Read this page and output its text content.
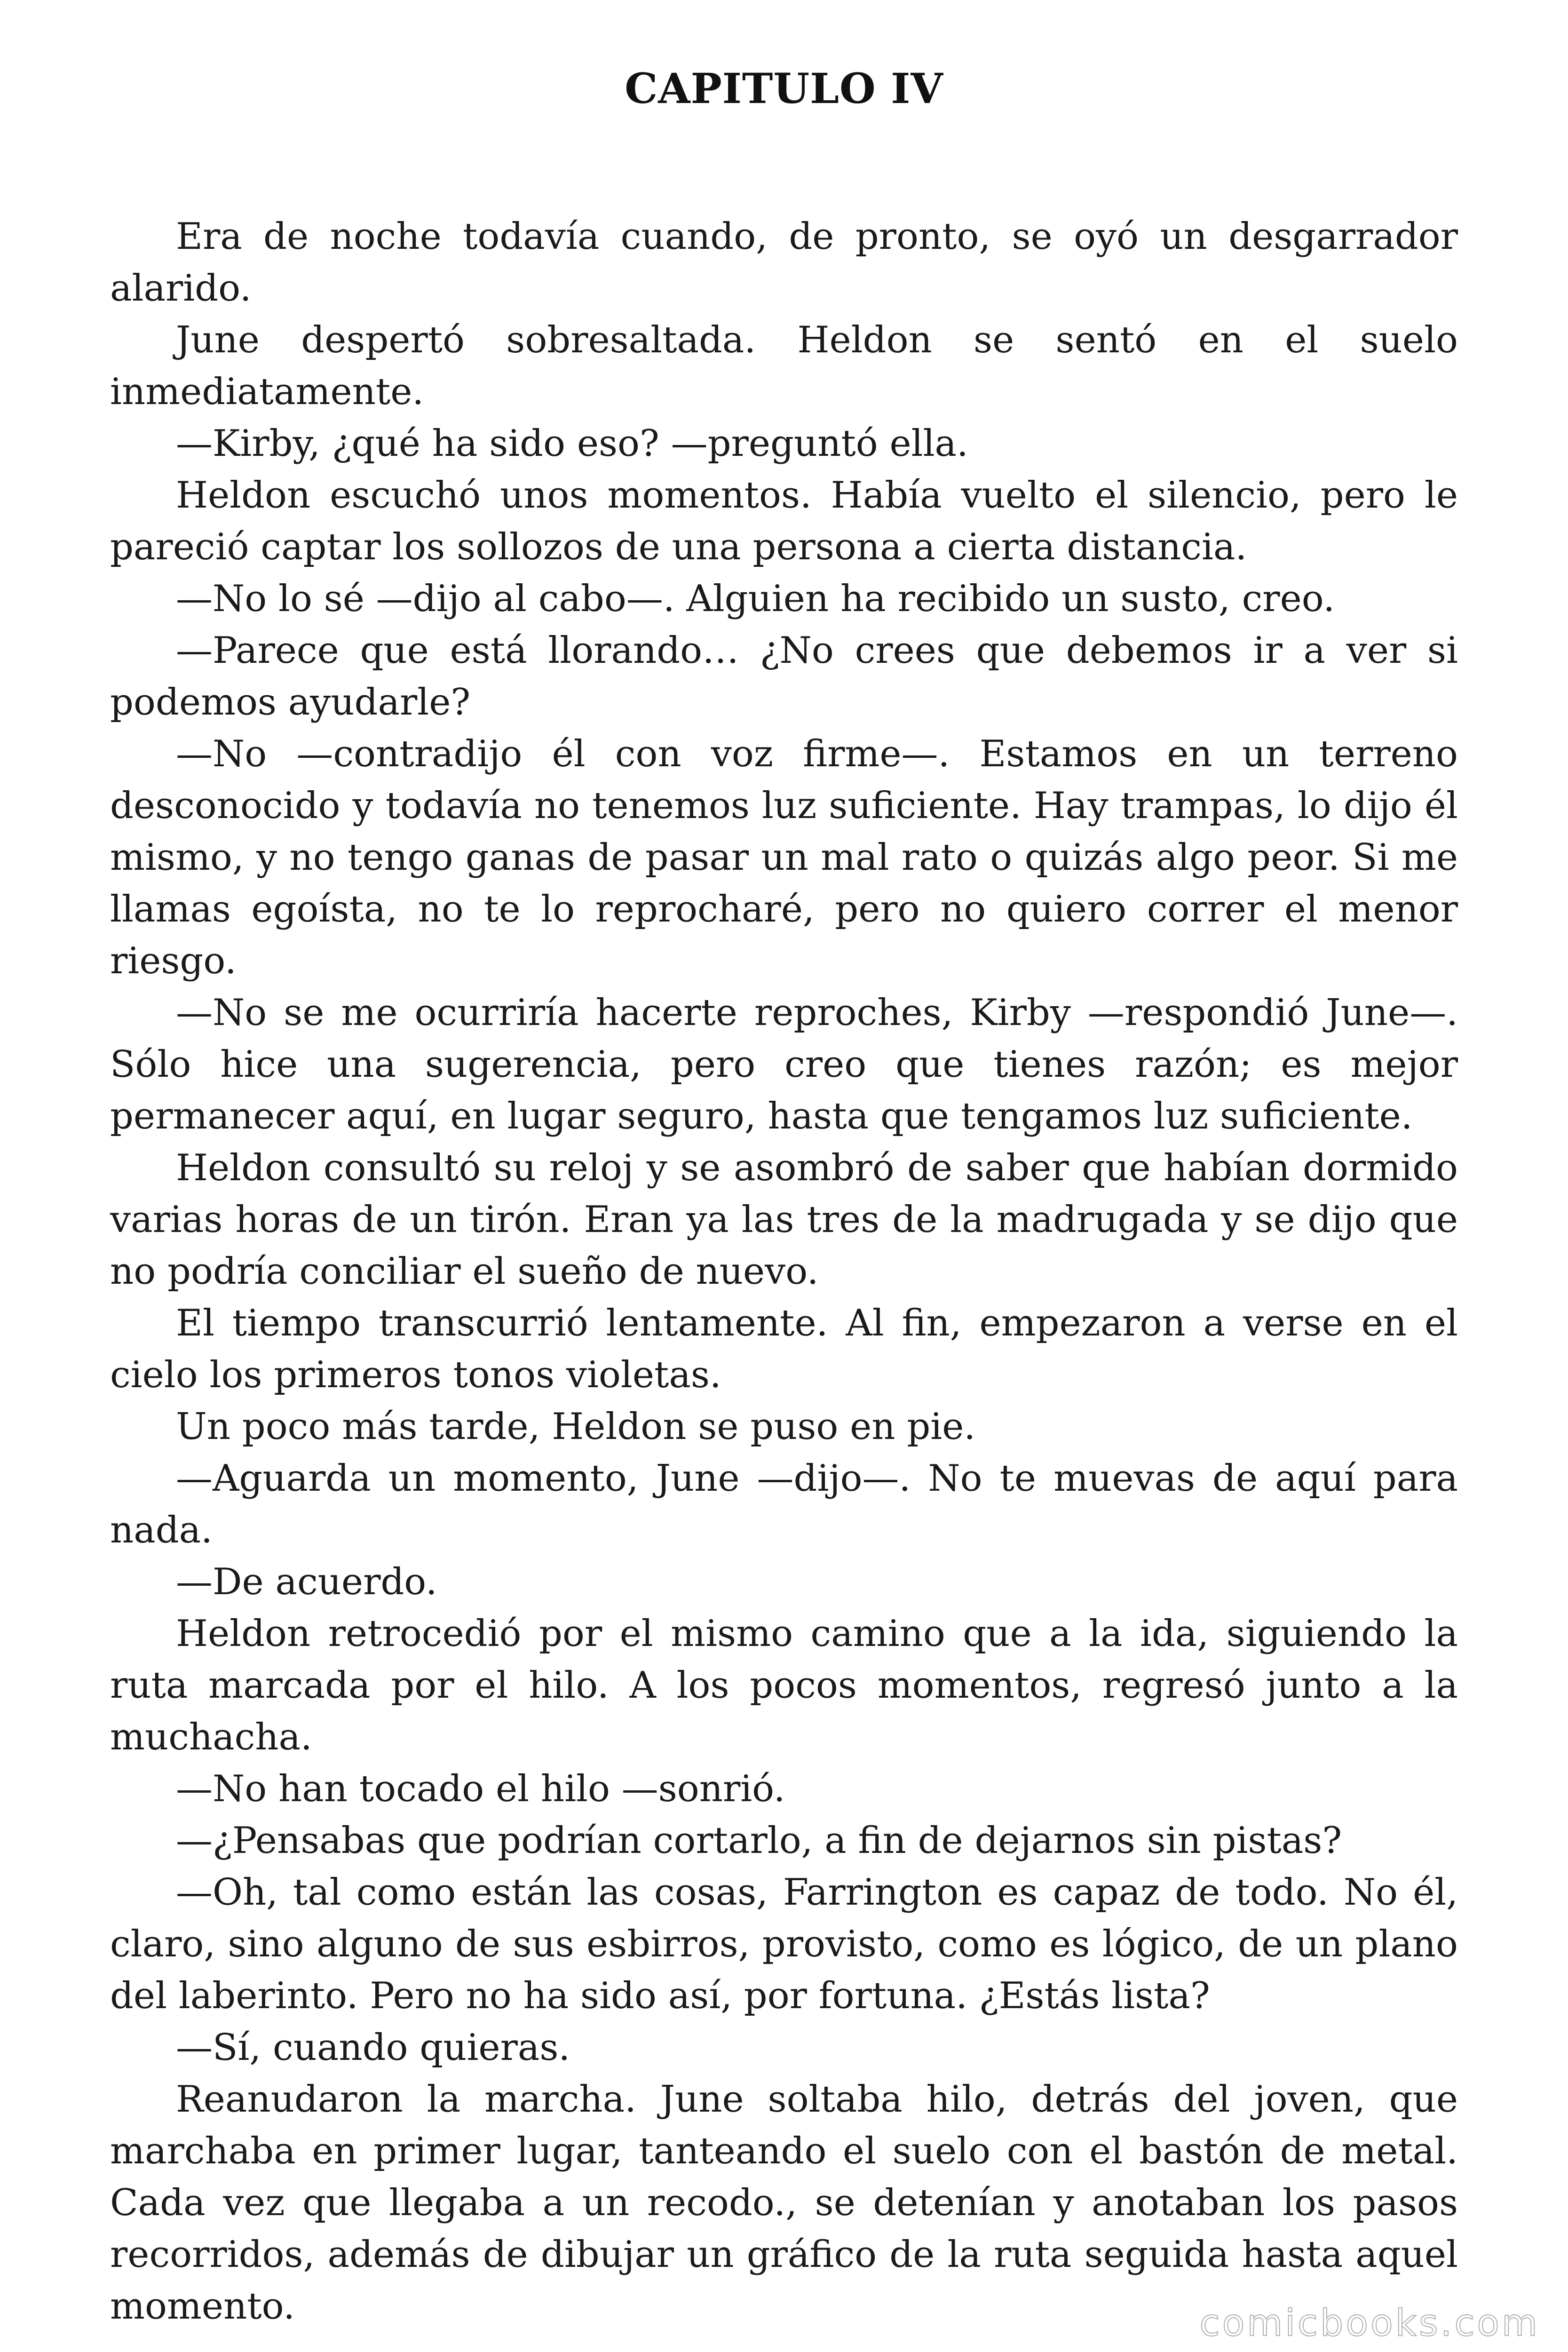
CAPITULO IV

Era de noche todavía cuando, de pronto, se oyó un desgarrador alarido.

June despertó sobresaltada. Heldon se sentó en el suelo inmediatamente.

—Kirby, ¿qué ha sido eso? —preguntó ella.

Heldon escuchó unos momentos. Había vuelto el silencio, pero le pareció captar los sollozos de una persona a cierta distancia.

—No lo sé —dijo al cabo—. Alguien ha recibido un susto, creo.

—Parece que está llorando… ¿No crees que debemos ir a ver si podemos ayudarle?

—No —contradijo él con voz firme—. Estamos en un terreno desconocido y todavía no tenemos luz suficiente. Hay trampas, lo dijo él mismo, y no tengo ganas de pasar un mal rato o quizás algo peor. Si me llamas egoísta, no te lo reprocharé, pero no quiero correr el menor riesgo.

—No se me ocurriría hacerte reproches, Kirby —respondió June—. Sólo hice una sugerencia, pero creo que tienes razón; es mejor permanecer aquí, en lugar seguro, hasta que tengamos luz suficiente.

Heldon consultó su reloj y se asombró de saber que habían dormido varias horas de un tirón. Eran ya las tres de la madrugada y se dijo que no podría conciliar el sueño de nuevo.

El tiempo transcurrió lentamente. Al fin, empezaron a verse en el cielo los primeros tonos violetas.

Un poco más tarde, Heldon se puso en pie.

—Aguarda un momento, June —dijo—. No te muevas de aquí para nada.

—De acuerdo.

Heldon retrocedió por el mismo camino que a la ida, siguiendo la ruta marcada por el hilo. A los pocos momentos, regresó junto a la muchacha.

—No han tocado el hilo —sonrió.

—¿Pensabas que podrían cortarlo, a fin de dejarnos sin pistas?

—Oh, tal como están las cosas, Farrington es capaz de todo. No él, claro, sino alguno de sus esbirros, provisto, como es lógico, de un plano del laberinto. Pero no ha sido así, por fortuna. ¿Estás lista?

—Sí, cuando quieras.

Reanudaron la marcha. June soltaba hilo, detrás del joven, que marchaba en primer lugar, tanteando el suelo con el bastón de metal. Cada vez que llegaba a un recodo., se detenían y anotaban los pasos recorridos, además de dibujar un gráfico de la ruta seguida hasta aquel momento.	comicbooks.com
